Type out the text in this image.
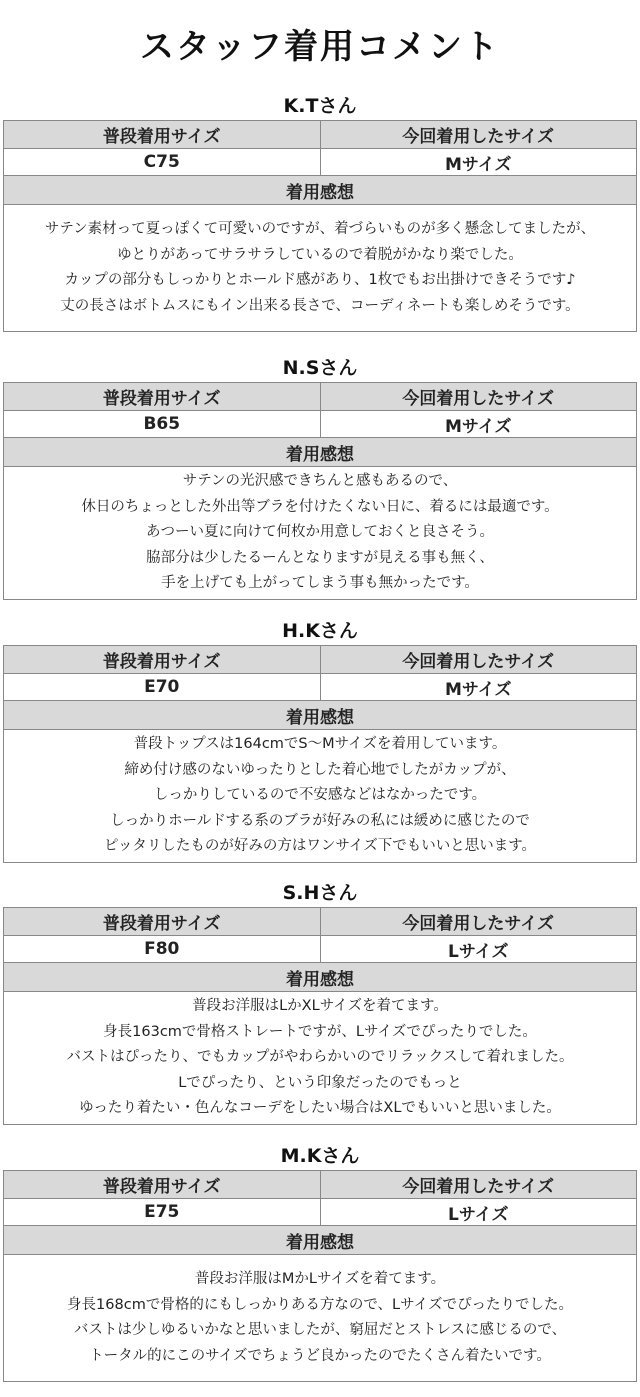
スタッフ着用コメント
K.Tさん
普段着用サイズ	今回着用したサイズ
C75	Mサイズ
着用感想	

サテン素材って夏っぽくて可愛いのですが、着づらいものが多く懸念してましたが、
ゆとりがあってサラサラしているので着脱がかなり楽でした。
カップの部分もしっかりとホールド感があり、1枚でもお出掛けできそうです♪
丈の長さはボトムスにもイン出来る長さで、コーディネートも楽しめそうです。	
N.Sさん
普段着用サイズ	今回着用したサイズ
B65	Mサイズ
着用感想	

サテンの光沢感できちんと感もあるので、
休日のちょっとした外出等ブラを付けたくない日に、着るには最適です。
あつーい夏に向けて何枚か用意しておくと良さそう。
脇部分は少したるーんとなりますが見える事も無く、
手を上げても上がってしまう事も無かったです。	
H.Kさん
普段着用サイズ	今回着用したサイズ
E70	Mサイズ
着用感想	

普段トップスは164cmでS～Mサイズを着用しています。
締め付け感のないゆったりとした着心地でしたがカップが、
しっかりしているので不安感などはなかったです。
しっかりホールドする系のブラが好みの私には緩めに感じたので
ピッタリしたものが好みの方はワンサイズ下でもいいと思います。	
S.Hさん
普段着用サイズ	今回着用したサイズ
F80	Lサイズ
着用感想	

普段お洋服はLかXLサイズを着てます。
身長163cmで骨格ストレートですが、Lサイズでぴったりでした。
バストはぴったり、でもカップがやわらかいのでリラックスして着れました。
Lでぴったり、という印象だったのでもっと
ゆったり着たい・色んなコーデをしたい場合はXLでもいいと思いました。	
M.Kさん
普段着用サイズ	今回着用したサイズ
E75	Lサイズ
着用感想	

普段お洋服はMかLサイズを着てます。
身長168cmで骨格的にもしっかりある方なので、Lサイズでぴったりでした。
バストは少しゆるいかなと思いましたが、窮屈だとストレスに感じるので、
トータル的にこのサイズでちょうど良かったのでたくさん着たいです。	
